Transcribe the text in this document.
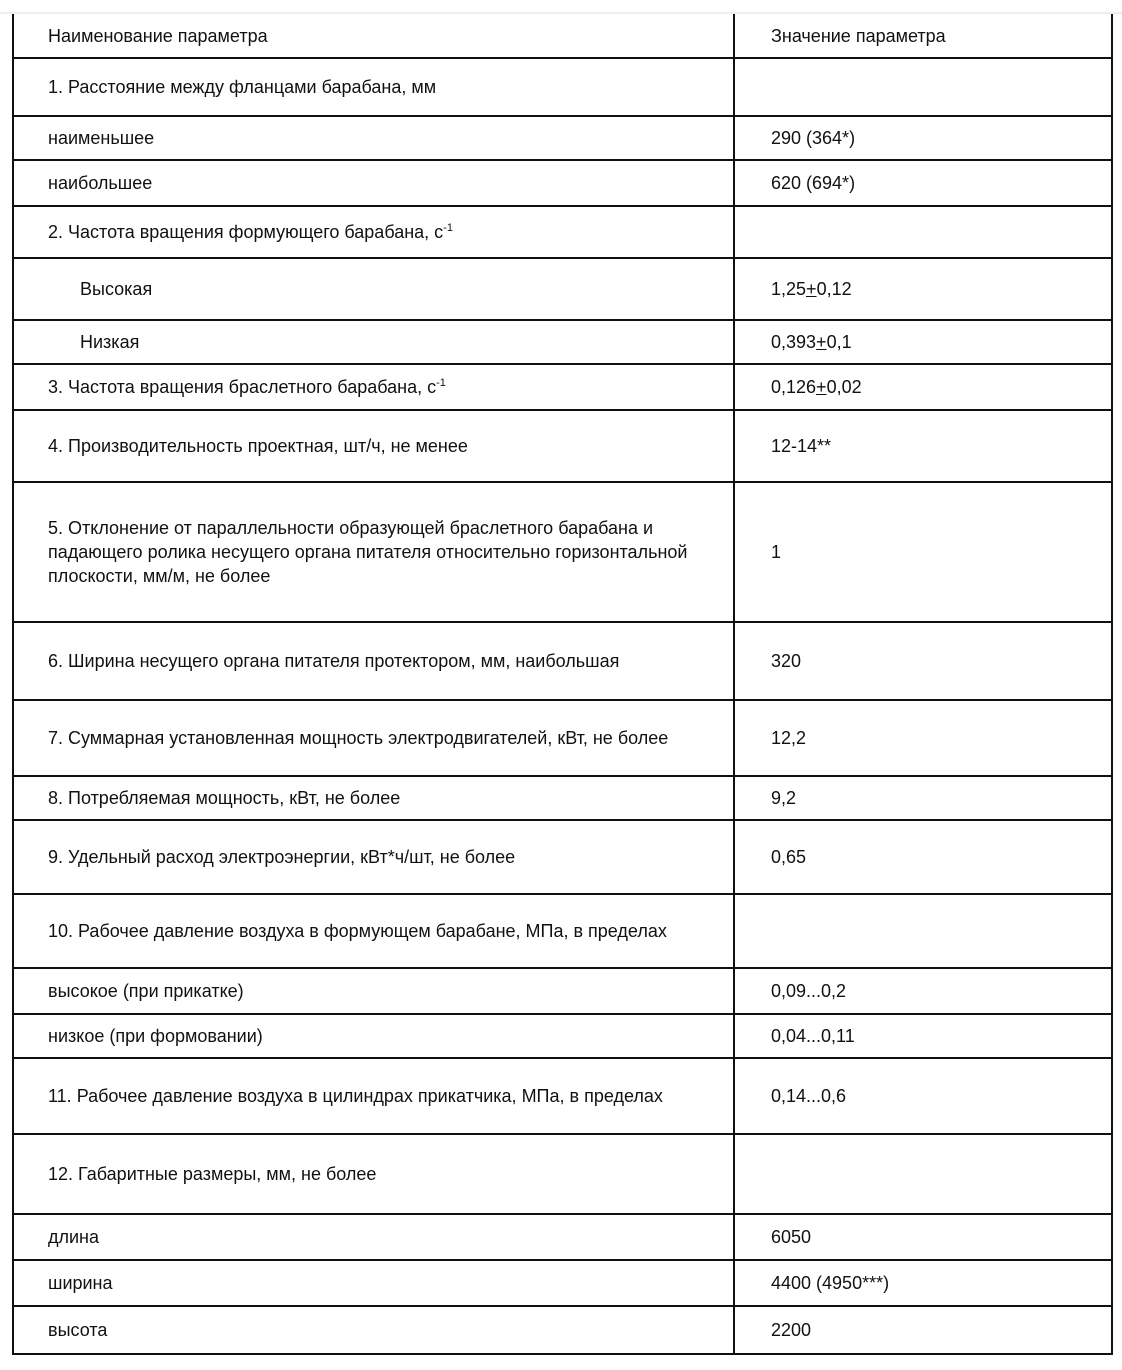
Наименование параметра	Значение параметра
1. Расстояние между фланцами барабана, мм	
наименьшее	290 (364*)
наибольшее	620 (694*)
2. Частота вращения формующего барабана, $с^{-1}$	
Высокая	1,25+0,12
Низкая	0,393+0,1
3. Частота вращения браслетного барабана, $с^{-1}$	0,126+0,02
4. Производительность проектная, шт/ч, не менее	12-14**
5. Отклонение от параллельности образующей браслетного барабана и падающего ролика несущего органа питателя относительно горизонтальной плоскости, мм/м, не более	1
6. Ширина несущего органа питателя протектором, мм, наибольшая	320
7. Суммарная установленная мощность электродвигателей, кВт, не более	12,2
8. Потребляемая мощность, кВт, не более	9,2
9. Удельный расход электроэнергии, кВт*ч/шт, не более	0,65
10. Рабочее давление воздуха в формующем барабане, МПа, в пределах	
высокое (при прикатке)	0,09...0,2
низкое (при формовании)	0,04...0,11
11. Рабочее давление воздуха в цилиндрах прикатчика, МПа, в пределах	0,14...0,6
12. Габаритные размеры, мм, не более	
длина	6050
ширина	4400 (4950***)
высота	2200
